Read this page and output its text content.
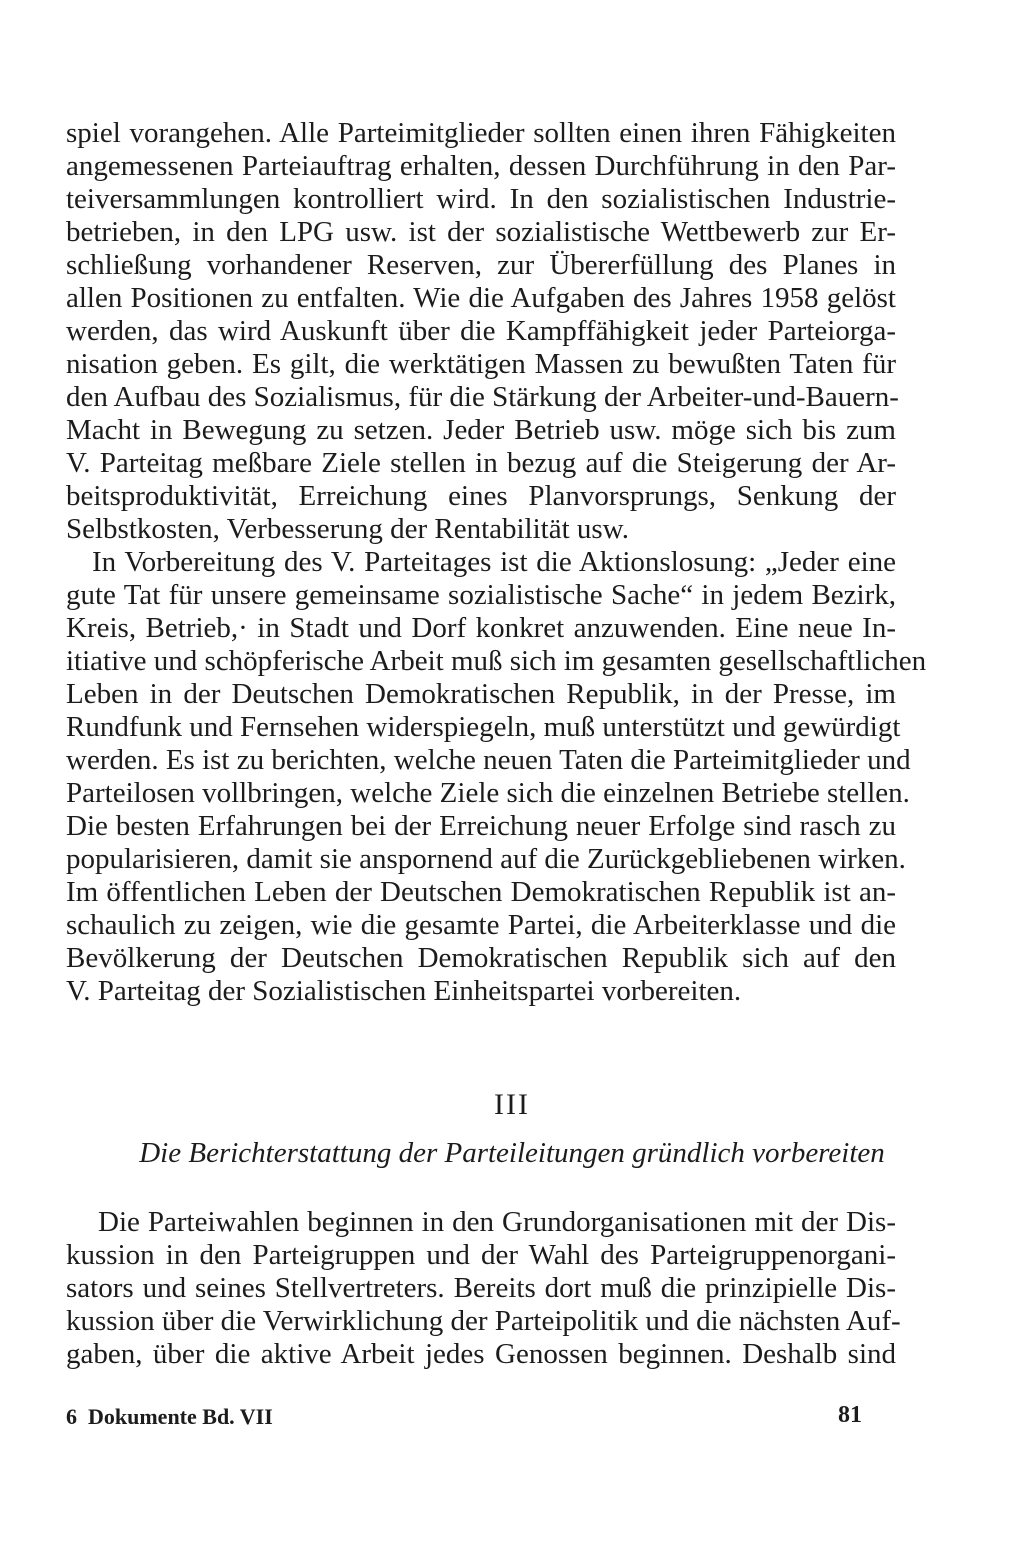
spiel vorangehen. Alle Parteimitglieder sollten einen ihren Fähigkeiten
angemessenen Parteiauftrag erhalten, dessen Durchführung in den Par-
teiversammlungen kontrolliert wird. In den sozialistischen Industrie-
betrieben, in den LPG usw. ist der sozialistische Wettbewerb zur Er-
schließung vorhandener Reserven, zur Übererfüllung des Planes in
allen Positionen zu entfalten. Wie die Aufgaben des Jahres 1958 gelöst
werden, das wird Auskunft über die Kampffähigkeit jeder Parteiorga-
nisation geben. Es gilt, die werktätigen Massen zu bewußten Taten für
den Aufbau des Sozialismus, für die Stärkung der Arbeiter-und-Bauern-
Macht in Bewegung zu setzen. Jeder Betrieb usw. möge sich bis zum
V. Parteitag meßbare Ziele stellen in bezug auf die Steigerung der Ar-
beitsproduktivität, Erreichung eines Planvorsprungs, Senkung der
Selbstkosten, Verbesserung der Rentabilität usw.
In Vorbereitung des V. Parteitages ist die Aktionslosung: „Jeder eine
gute Tat für unsere gemeinsame sozialistische Sache“ in jedem Bezirk,
Kreis, Betrieb,· in Stadt und Dorf konkret anzuwenden. Eine neue In-
itiative und schöpferische Arbeit muß sich im gesamten gesellschaftlichen
Leben in der Deutschen Demokratischen Republik, in der Presse, im
Rundfunk und Fernsehen widerspiegeln, muß unterstützt und gewürdigt
werden. Es ist zu berichten, welche neuen Taten die Parteimitglieder und
Parteilosen vollbringen, welche Ziele sich die einzelnen Betriebe stellen.
Die besten Erfahrungen bei der Erreichung neuer Erfolge sind rasch zu
popularisieren, damit sie anspornend auf die Zurückgebliebenen wirken.
Im öffentlichen Leben der Deutschen Demokratischen Republik ist an-
schaulich zu zeigen, wie die gesamte Partei, die Arbeiterklasse und die
Bevölkerung der Deutschen Demokratischen Republik sich auf den
V. Parteitag der Sozialistischen Einheitspartei vorbereiten.
III
Die Berichterstattung der Parteileitungen gründlich vorbereiten
Die Parteiwahlen beginnen in den Grundorganisationen mit der Dis-
kussion in den Parteigruppen und der Wahl des Parteigruppenorgani-
sators und seines Stellvertreters. Bereits dort muß die prinzipielle Dis-
kussion über die Verwirklichung der Parteipolitik und die nächsten Auf-
gaben, über die aktive Arbeit jedes Genossen beginnen. Deshalb sind
6  Dokumente Bd. VII	81
